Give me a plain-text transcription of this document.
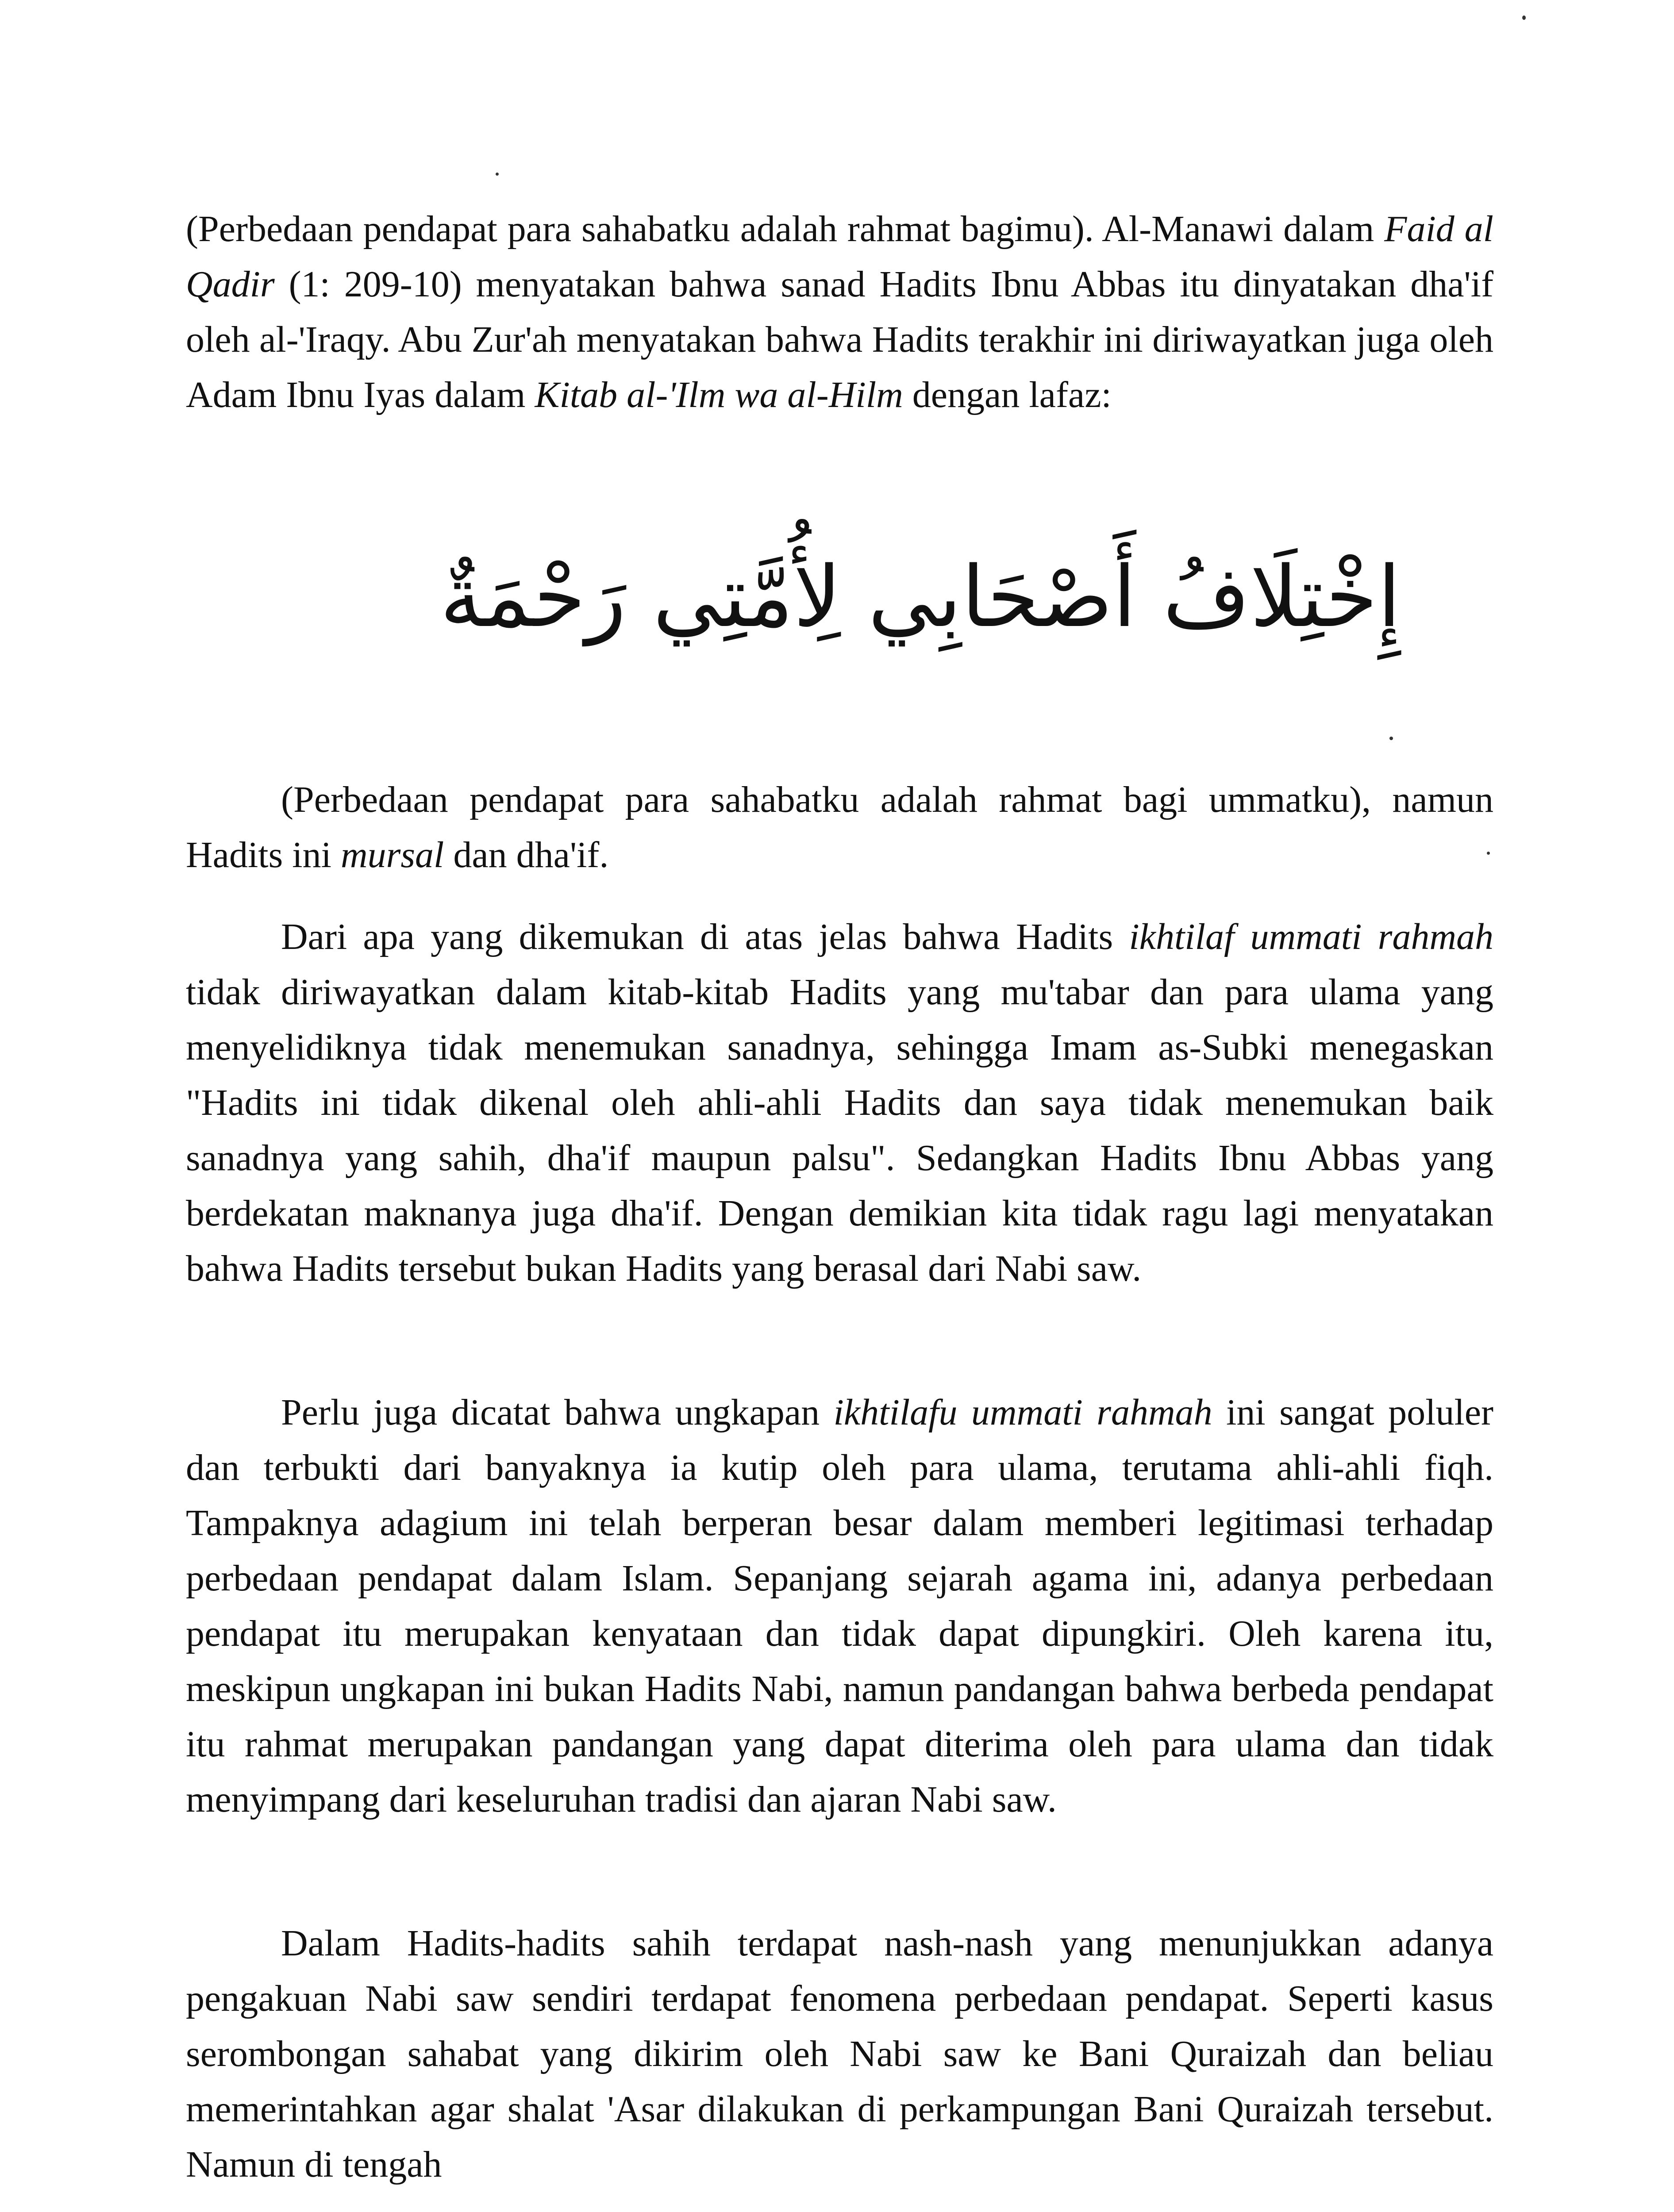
(Perbedaan pendapat para sahabatku adalah rahmat bagimu). Al-Manawi dalam Faid al Qadir (1: 209-10) menyatakan bahwa sanad Hadits Ibnu Abbas itu dinyatakan dha'if oleh al-'Iraqy. Abu Zur'ah menyatakan bahwa Hadits terakhir ini diriwayatkan juga oleh Adam Ibnu Iyas dalam Kitab al-'Ilm wa al-Hilm dengan lafaz:

إِخْتِلَافُ أَصْحَابِي لِأُمَّتِي رَحْمَةٌ

(Perbedaan pendapat para sahabatku adalah rahmat bagi ummatku), namun Hadits ini mursal dan dha'if.

Dari apa yang dikemukan di atas jelas bahwa Hadits ikhtilaf ummati rahmah tidak diriwayatkan dalam kitab-kitab Hadits yang mu'tabar dan para ulama yang menyelidiknya tidak menemukan sanadnya, sehingga Imam as-Subki menegaskan "Hadits ini tidak dikenal oleh ahli-ahli Hadits dan saya tidak menemukan baik sanadnya yang sahih, dha'if maupun palsu". Sedangkan Hadits Ibnu Abbas yang berdekatan maknanya juga dha'if. Dengan demikian kita tidak ragu lagi menyatakan bahwa Hadits tersebut bukan Hadits yang berasal dari Nabi saw.

Perlu juga dicatat bahwa ungkapan ikhtilafu ummati rahmah ini sangat poluler dan terbukti dari banyaknya ia kutip oleh para ulama, terutama ahli-ahli fiqh. Tampaknya adagium ini telah berperan besar dalam memberi legitimasi terhadap perbedaan pendapat dalam Islam. Sepanjang sejarah agama ini, adanya perbedaan pendapat itu merupakan kenyataan dan tidak dapat dipungkiri. Oleh karena itu, meskipun ungkapan ini bukan Hadits Nabi, namun pandangan bahwa berbeda pendapat itu rahmat merupakan pandangan yang dapat diterima oleh para ulama dan tidak menyimpang dari keseluruhan tradisi dan ajaran Nabi saw.

Dalam Hadits-hadits sahih terdapat nash-nash yang menunjukkan adanya pengakuan Nabi saw sendiri terdapat fenomena perbedaan pendapat. Seperti kasus serombongan sahabat yang dikirim oleh Nabi saw ke Bani Quraizah dan beliau memerintahkan agar shalat 'Asar dilakukan di perkampungan Bani Quraizah tersebut. Namun di tengah
